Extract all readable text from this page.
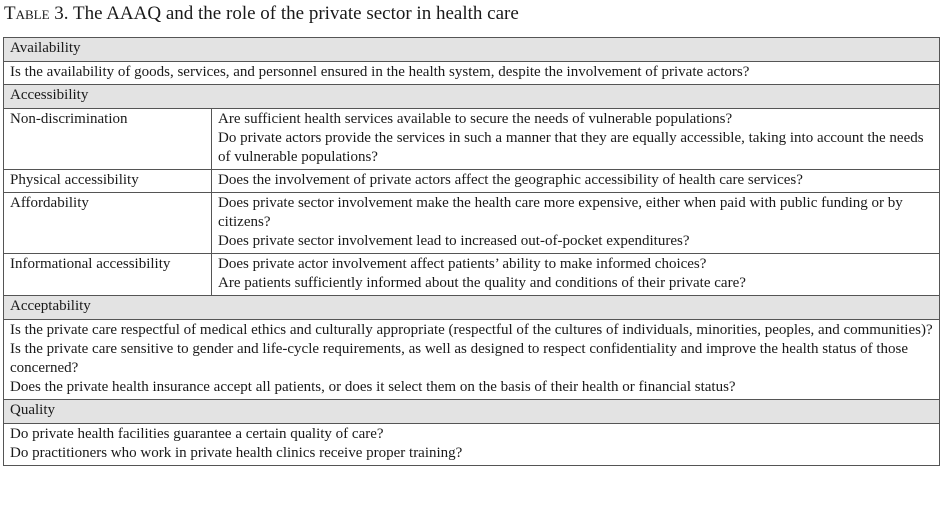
Table 3. The AAAQ and the role of the private sector in health care
Availability	

Is the availability of goods, services, and personnel ensured in the health system, despite the involvement of private actors?	

Accessibility	
Non-discrimination	Are sufficient health services available to secure the needs of vulnerable populations?
Do private actors provide the services in such a manner that they are equally accessible, taking into account the needs of vulnerable populations?

Physical accessibility	Does the involvement of private actors affect the geographic accessibility of health care services?

Affordability	Does private sector involvement make the health care more expensive, either when paid with public funding or by citizens?
Does private sector involvement lead to increased out-of-pocket expenditures?

Informational accessibility	Does private actor involvement affect patients’ ability to make informed choices?
Are patients sufficiently informed about the quality and conditions of their private care?

Acceptability	

Is the private care respectful of medical ethics and culturally appropriate (respectful of the cultures of individuals, minorities, peoples, and communities)?
Is the private care sensitive to gender and life-cycle requirements, as well as designed to respect confidentiality and improve the health status of those concerned?
Does the private health insurance accept all patients, or does it select them on the basis of their health or financial status?	

Quality	

Do private health facilities guarantee a certain quality of care?
Do practitioners who work in private health clinics receive proper training?	
